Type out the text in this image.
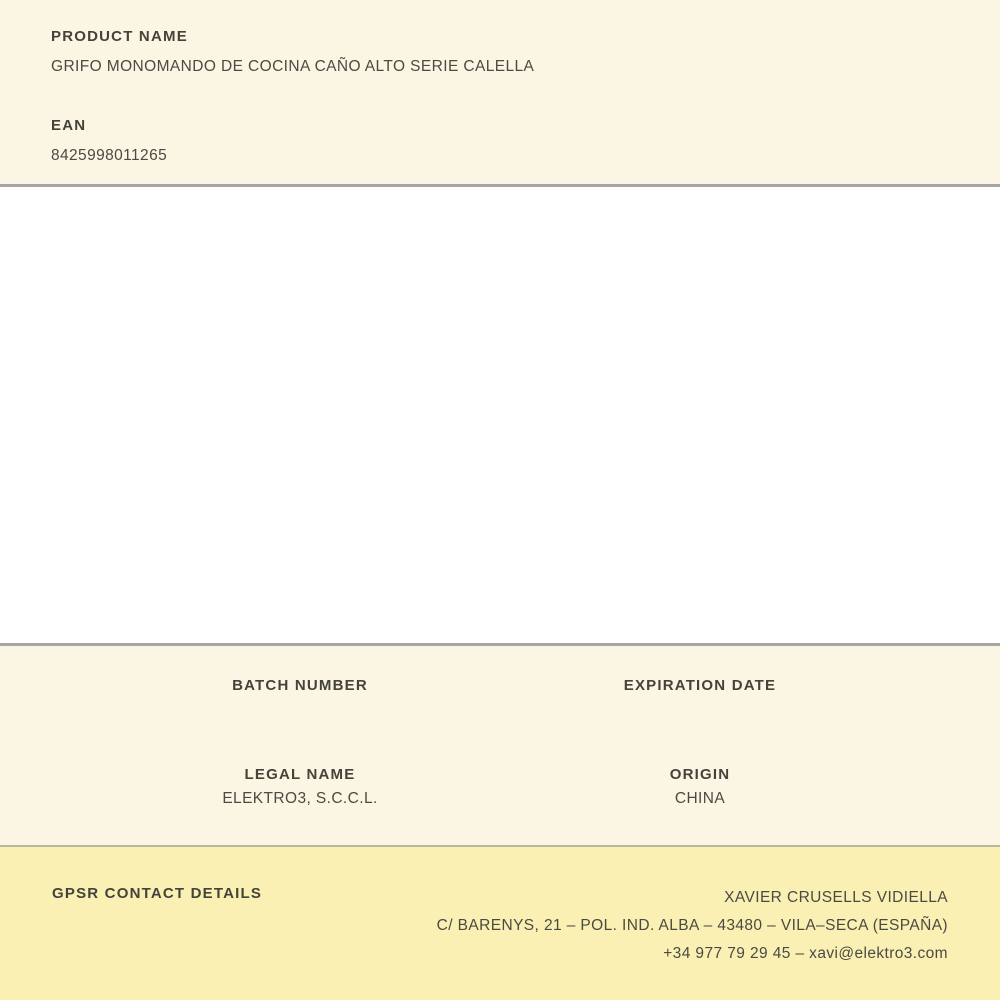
PRODUCT NAME
GRIFO MONOMANDO DE COCINA CAÑO ALTO SERIE CALELLA
EAN
8425998011265
BATCH NUMBER	EXPIRATION DATE
LEGAL NAME
ELEKTRO3, S.C.C.L.
ORIGIN
CHINA
GPSR CONTACT DETAILS	XAVIER CRUSELLS VIDIELLA
C/ BARENYS, 21 – POL. IND. ALBA – 43480 – VILA–SECA (ESPAÑA)
+34 977 79 29 45 – xavi@elektro3.com
